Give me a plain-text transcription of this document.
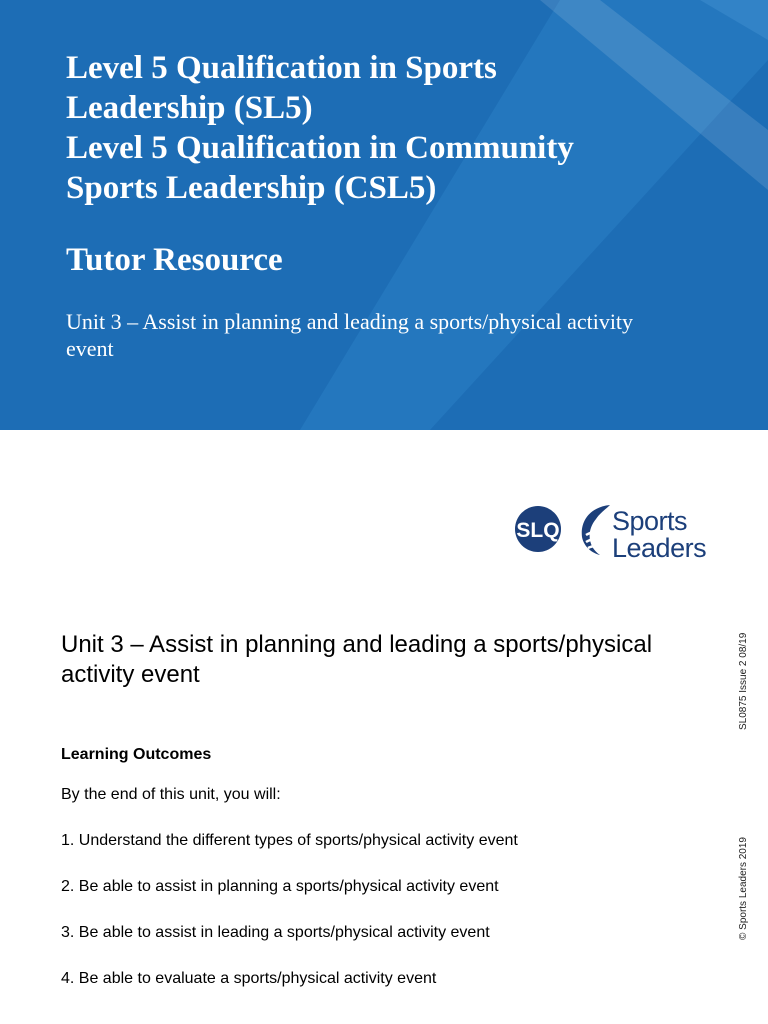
Level 5 Qualification in Sports

Leadership (SL5)

Level 5 Qualification in Community

Sports Leadership (CSL5)

Tutor Resource
Unit 3 – Assist in planning and leading a sports/physical activity event
SLQ Sports
Leaders

Unit 3 – Assist in planning and leading a sports/physical activity event

Learning Outcomes
By the end of this unit, you will:
1. Understand the different types of sports/physical activity event
2. Be able to assist in planning a sports/physical activity event
3. Be able to assist in leading a sports/physical activity event
4. Be able to evaluate a sports/physical activity event
SL0875 Issue 2 08/19
© Sports Leaders 2019
